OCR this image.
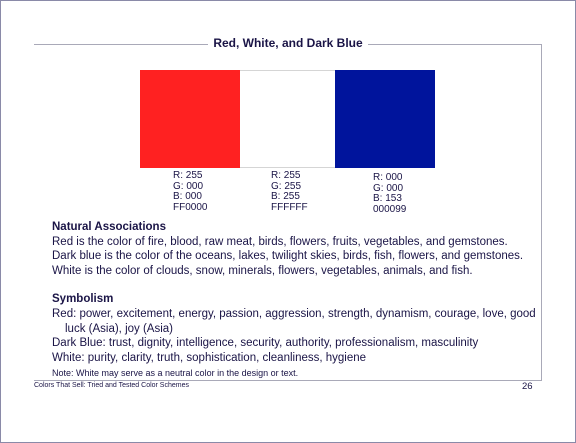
Red, White, and Dark Blue
R: 255
G: 000
B: 000
FF0000
R: 255
G: 255
B: 255
FFFFFF
R: 000
G: 000
B: 153
000099
Natural Associations
Red is the color of fire, blood, raw meat, birds, flowers, fruits, vegetables, and gemstones.
Dark blue is the color of the oceans, lakes, twilight skies, birds, fish, flowers, and gemstones.
White is the color of clouds, snow, minerals, flowers, vegetables, animals, and fish.
Symbolism
Red: power, excitement, energy, passion, aggression, strength, dynamism, courage, love, good luck (Asia), joy (Asia)
Dark Blue: trust, dignity, intelligence, security, authority, professionalism, masculinity
White: purity, clarity, truth, sophistication, cleanliness, hygiene
Note: White may serve as a neutral color in the design or text.
Colors That Sell: Tried and Tested Color Schemes	26
